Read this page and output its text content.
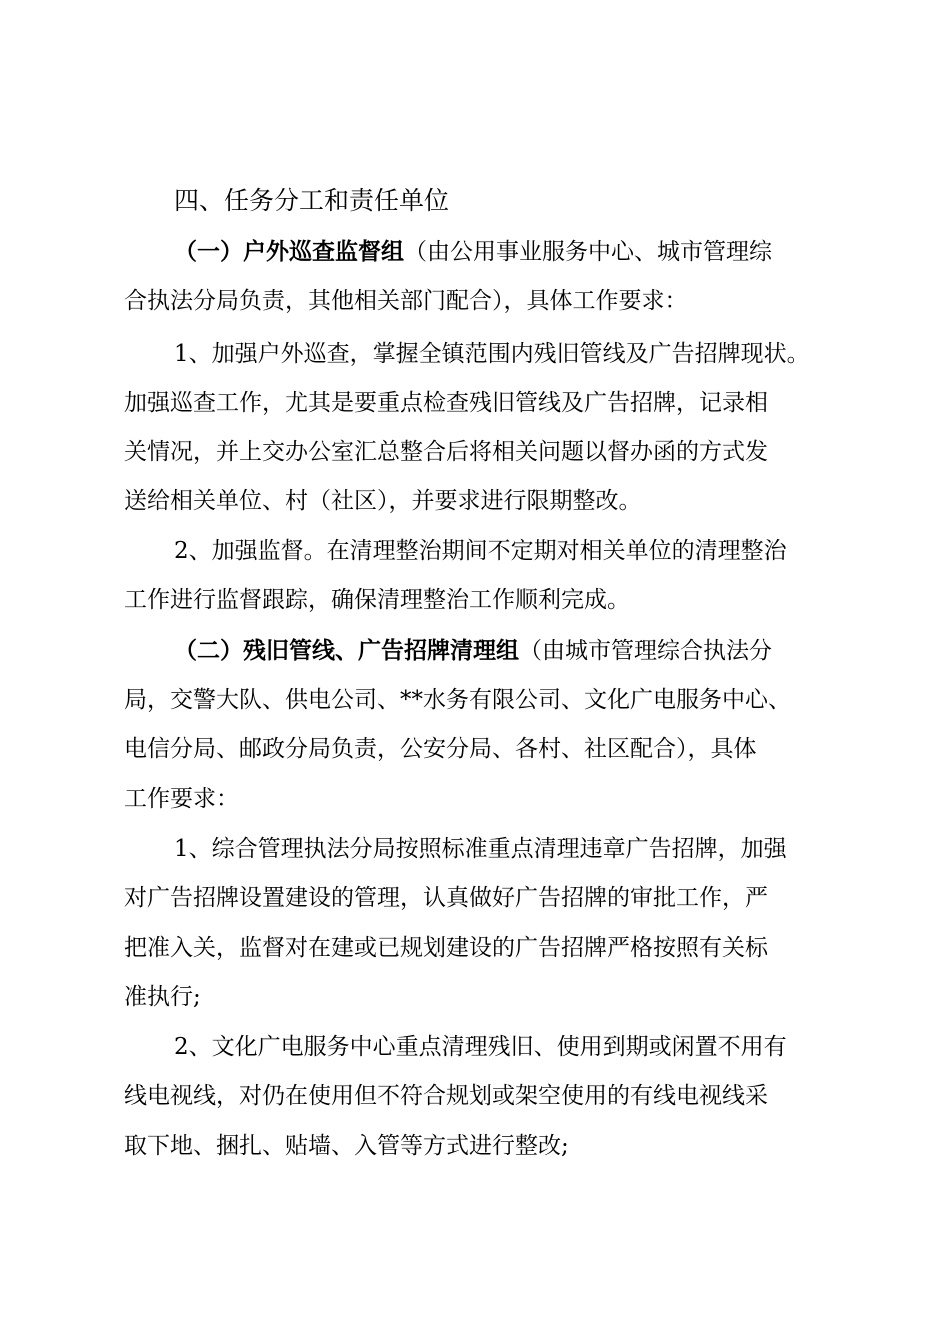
四、任务分工和责任单位
（一）户外巡查监督组（由公用事业服务中心、城市管理综
合执法分局负责，其他相关部门配合），具体工作要求：
1、加强户外巡查，掌握全镇范围内残旧管线及广告招牌现状。
加强巡查工作，尤其是要重点检查残旧管线及广告招牌，记录相
关情况，并上交办公室汇总整合后将相关问题以督办函的方式发
送给相关单位、村（社区），并要求进行限期整改。
2、加强监督。在清理整治期间不定期对相关单位的清理整治
工作进行监督跟踪，确保清理整治工作顺利完成。
（二）残旧管线、广告招牌清理组（由城市管理综合执法分
局，交警大队、供电公司、**水务有限公司、文化广电服务中心、
电信分局、邮政分局负责，公安分局、各村、社区配合），具体
工作要求：
1、综合管理执法分局按照标准重点清理违章广告招牌，加强
对广告招牌设置建设的管理，认真做好广告招牌的审批工作，严
把准入关，监督对在建或已规划建设的广告招牌严格按照有关标
准执行;
2、文化广电服务中心重点清理残旧、使用到期或闲置不用有
线电视线，对仍在使用但不符合规划或架空使用的有线电视线采
取下地、捆扎、贴墙、入管等方式进行整改;
